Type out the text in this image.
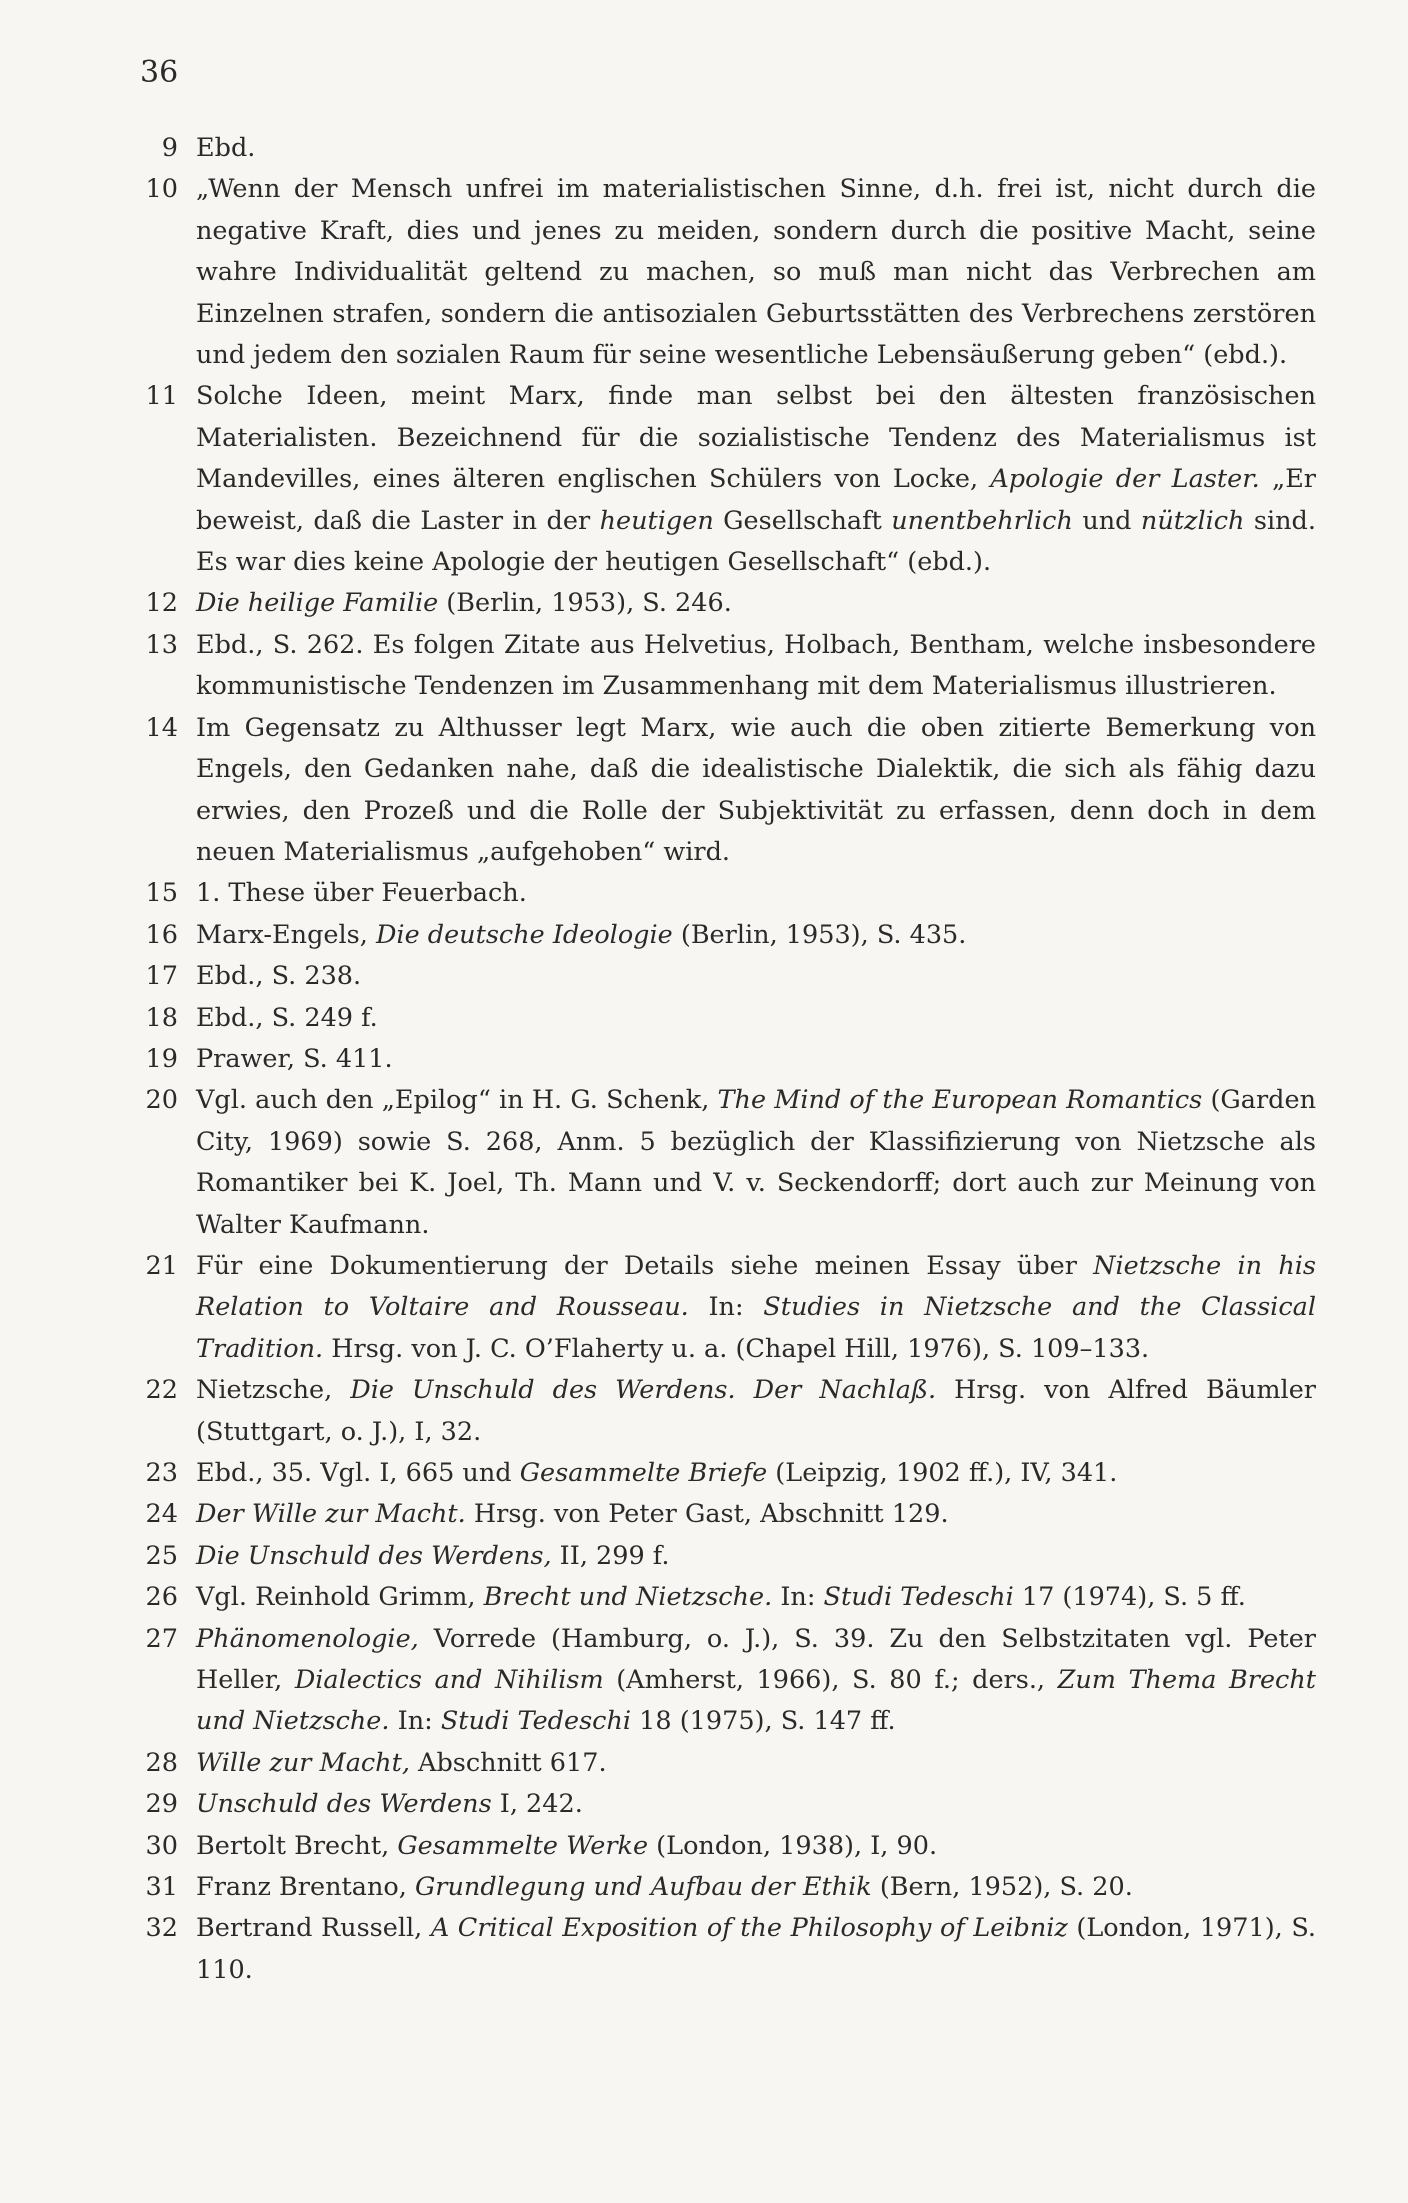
36
9 Ebd.
10 „Wenn der Mensch unfrei im materialistischen Sinne, d.h. frei ist, nicht durch die negative Kraft, dies und jenes zu meiden, sondern durch die positive Macht, seine wahre Individualität geltend zu machen, so muß man nicht das Verbrechen am Einzelnen strafen, sondern die antisozialen Geburtsstätten des Verbrechens zerstören und jedem den sozialen Raum für seine wesentliche Lebensäußerung geben“ (ebd.).
11 Solche Ideen, meint Marx, finde man selbst bei den ältesten französischen Materialisten. Bezeichnend für die sozialistische Tendenz des Materialismus ist Mandevilles, eines älteren englischen Schülers von Locke, Apologie der Laster. „Er beweist, daß die Laster in der heutigen Gesellschaft unentbehrlich und nützlich sind. Es war dies keine Apologie der heutigen Gesellschaft“ (ebd.).
12 Die heilige Familie (Berlin, 1953), S. 246.
13 Ebd., S. 262. Es folgen Zitate aus Helvetius, Holbach, Bentham, welche insbesondere kommunistische Tendenzen im Zusammenhang mit dem Materialismus illustrieren.
14 Im Gegensatz zu Althusser legt Marx, wie auch die oben zitierte Bemerkung von Engels, den Gedanken nahe, daß die idealistische Dialektik, die sich als fähig dazu erwies, den Prozeß und die Rolle der Subjektivität zu erfassen, denn doch in dem neuen Materialismus „aufgehoben“ wird.
15 1. These über Feuerbach.
16 Marx-Engels, Die deutsche Ideologie (Berlin, 1953), S. 435.
17 Ebd., S. 238.
18 Ebd., S. 249 f.
19 Prawer, S. 411.
20 Vgl. auch den „Epilog“ in H. G. Schenk, The Mind of the European Romantics (Garden City, 1969) sowie S. 268, Anm. 5 bezüglich der Klassifizierung von Nietzsche als Romantiker bei K. Joel, Th. Mann und V. v. Seckendorff; dort auch zur Meinung von Walter Kaufmann.
21 Für eine Dokumentierung der Details siehe meinen Essay über Nietzsche in his Relation to Voltaire and Rousseau. In: Studies in Nietzsche and the Classical Tradition. Hrsg. von J. C. O’Flaherty u. a. (Chapel Hill, 1976), S. 109–133.
22 Nietzsche, Die Unschuld des Werdens. Der Nachlaß. Hrsg. von Alfred Bäumler (Stuttgart, o. J.), I, 32.
23 Ebd., 35. Vgl. I, 665 und Gesammelte Briefe (Leipzig, 1902 ff.), IV, 341.
24 Der Wille zur Macht. Hrsg. von Peter Gast, Abschnitt 129.
25 Die Unschuld des Werdens, II, 299 f.
26 Vgl. Reinhold Grimm, Brecht und Nietzsche. In: Studi Tedeschi 17 (1974), S. 5 ff.
27 Phänomenologie, Vorrede (Hamburg, o. J.), S. 39. Zu den Selbstzitaten vgl. Peter Heller, Dialectics and Nihilism (Amherst, 1966), S. 80 f.; ders., Zum Thema Brecht und Nietzsche. In: Studi Tedeschi 18 (1975), S. 147 ff.
28 Wille zur Macht, Abschnitt 617.
29 Unschuld des Werdens I, 242.
30 Bertolt Brecht, Gesammelte Werke (London, 1938), I, 90.
31 Franz Brentano, Grundlegung und Aufbau der Ethik (Bern, 1952), S. 20.
32 Bertrand Russell, A Critical Exposition of the Philosophy of Leibniz (London, 1971), S. 110.
